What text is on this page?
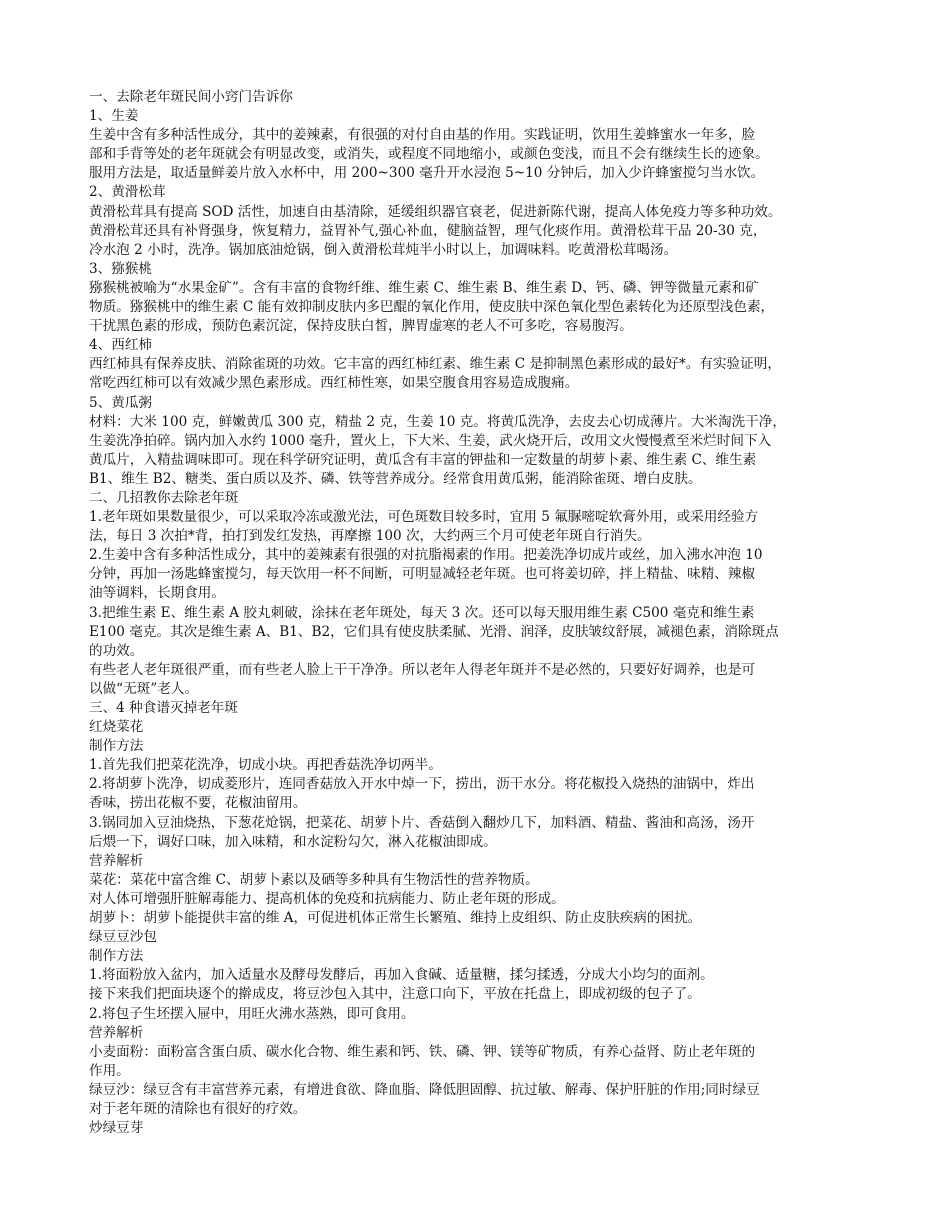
一、去除老年斑民间小窍门告诉你
1、生姜
生姜中含有多种活性成分，其中的姜辣素，有很强的对付自由基的作用。实践证明，饮用生姜蜂蜜水一年多，脸
部和手背等处的老年斑就会有明显改变，或消失，或程度不同地缩小，或颜色变浅，而且不会有继续生长的迹象。
服用方法是，取适量鲜姜片放入水杯中，用 200~300 毫升开水浸泡 5~10 分钟后，加入少许蜂蜜搅匀当水饮。
2、黄滑松茸
黄滑松茸具有提高 SOD 活性，加速自由基清除，延缓组织器官衰老，促进新陈代谢，提高人体免疫力等多种功效。
黄滑松茸还具有补肾强身，恢复精力，益胃补气,强心补血，健脑益智，理气化痰作用。黄滑松茸干品 20-30 克，
冷水泡 2 小时，洗净。锅加底油炝锅，倒入黄滑松茸炖半小时以上，加调味料。吃黄滑松茸喝汤。
3、猕猴桃
猕猴桃被喻为“水果金矿”。含有丰富的食物纤维、维生素 C、维生素 B、维生素 D、钙、磷、钾等微量元素和矿
物质。猕猴桃中的维生素 C 能有效抑制皮肤内多巴醌的氧化作用，使皮肤中深色氧化型色素转化为还原型浅色素，
干扰黑色素的形成，预防色素沉淀，保持皮肤白皙，脾胃虚寒的老人不可多吃，容易腹泻。
4、西红柿
西红柿具有保养皮肤、消除雀斑的功效。它丰富的西红柿红素、维生素 C 是抑制黑色素形成的最好*。有实验证明，
常吃西红柿可以有效减少黑色素形成。西红柿性寒，如果空腹食用容易造成腹痛。
5、黄瓜粥
材料：大米 100 克，鲜嫩黄瓜 300 克，精盐 2 克，生姜 10 克。将黄瓜洗净，去皮去心切成薄片。大米淘洗干净，
生姜洗净拍碎。锅内加入水约 1000 毫升，置火上，下大米、生姜，武火烧开后，改用文火慢慢煮至米烂时间下入
黄瓜片，入精盐调味即可。现在科学研究证明，黄瓜含有丰富的钾盐和一定数量的胡萝卜素、维生素 C、维生素
B1、维生 B2、糖类、蛋白质以及芥、磷、铁等营养成分。经常食用黄瓜粥，能消除雀斑、增白皮肤。
二、几招教你去除老年斑
1.老年斑如果数量很少，可以采取冷冻或激光法，可色斑数目较多时，宜用 5 氟脲嘧啶软膏外用，或采用经验方
法，每日 3 次拍*背，拍打到发红发热，再摩擦 100 次，大约两三个月可使老年斑自行消失。
2.生姜中含有多种活性成分，其中的姜辣素有很强的对抗脂褐素的作用。把姜洗净切成片或丝，加入沸水冲泡 10
分钟，再加一汤匙蜂蜜搅匀，每天饮用一杯不间断，可明显减轻老年斑。也可将姜切碎，拌上精盐、味精、辣椒
油等调料，长期食用。
3.把维生素 E、维生素 A 胶丸刺破，涂抹在老年斑处，每天 3 次。还可以每天服用维生素 C500 毫克和维生素
E100 毫克。其次是维生素 A、B1、B2，它们具有使皮肤柔腻、光滑、润泽，皮肤皱纹舒展，减褪色素，消除斑点
的功效。
有些老人老年斑很严重，而有些老人脸上干干净净。所以老年人得老年斑并不是必然的，只要好好调养，也是可
以做“无斑”老人。
三、4 种食谱灭掉老年斑
红烧菜花
制作方法
1.首先我们把菜花洗净，切成小块。再把香菇洗净切两半。
2.将胡萝卜洗净，切成菱形片，连同香菇放入开水中焯一下，捞出，沥干水分。将花椒投入烧热的油锅中，炸出
香味，捞出花椒不要，花椒油留用。
3.锅同加入豆油烧热，下葱花炝锅，把菜花、胡萝卜片、香菇倒入翻炒几下，加料酒、精盐、酱油和高汤，汤开
后煨一下，调好口味，加入味精，和水淀粉勾欠，淋入花椒油即成。
营养解析
菜花：菜花中富含维 C、胡萝卜素以及硒等多种具有生物活性的营养物质。
对人体可增强肝脏解毒能力、提高机体的免疫和抗病能力、防止老年斑的形成。
胡萝卜：胡萝卜能提供丰富的维 A，可促进机体正常生长繁殖、维持上皮组织、防止皮肤疾病的困扰。
绿豆豆沙包
制作方法
1.将面粉放入盆内，加入适量水及酵母发酵后，再加入食碱、适量糖，揉匀揉透，分成大小均匀的面剂。
接下来我们把面块逐个的擀成皮，将豆沙包入其中，注意口向下，平放在托盘上，即成初级的包子了。
2.将包子生坯摆入屉中，用旺火沸水蒸熟，即可食用。
营养解析
小麦面粉：面粉富含蛋白质、碳水化合物、维生素和钙、铁、磷、钾、镁等矿物质，有养心益肾、防止老年斑的
作用。
绿豆沙：绿豆含有丰富营养元素，有增进食欲、降血脂、降低胆固醇、抗过敏、解毒、保护肝脏的作用;同时绿豆
对于老年斑的清除也有很好的疗效。
炒绿豆芽
